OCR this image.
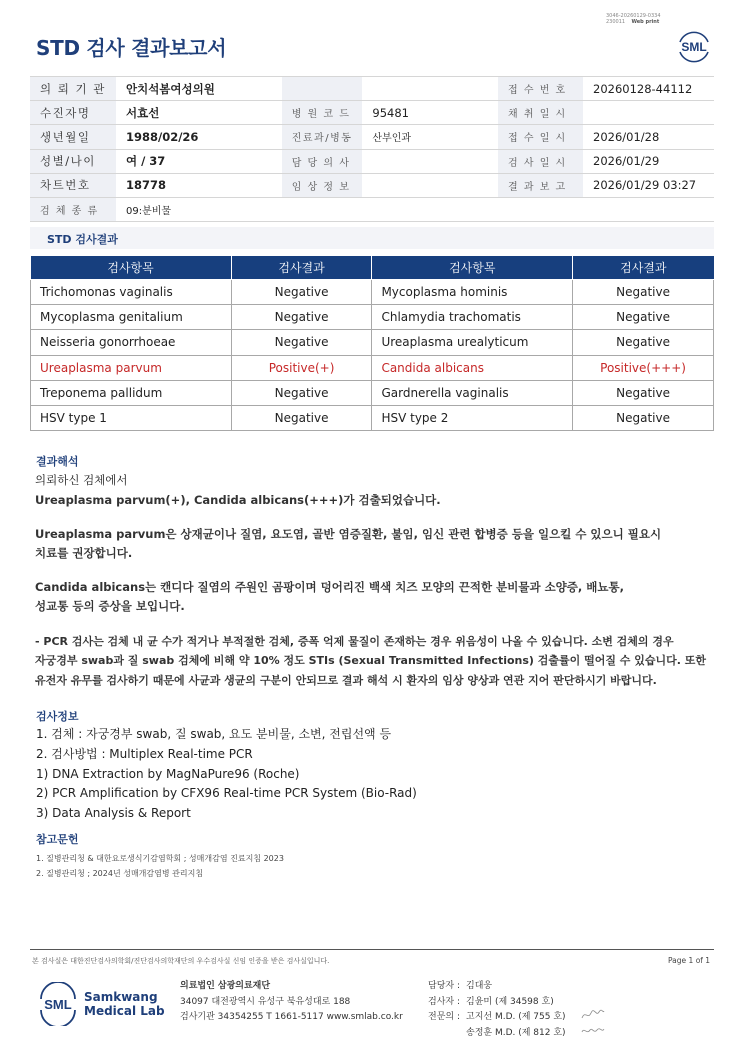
3046-20260129-0334
230011 Web print
STD 검사 결과보고서	SML
의 뢰 기 관	안치석봄여성의원			접 수 번 호	20260128-44112
수진자명	서효선	병 원 코 드	95481	채 취 일 시	
생년월일	1988/02/26	진료과/병동	산부인과	접 수 일 시	2026/01/28
성별/나이	여 / 37	담 당 의 사		검 사 일 시	2026/01/29
차트번호	18778	임 상 정 보		결 과 보 고	2026/01/29 03:27
검 체 종 류	09:분비물				
STD 검사결과
검사항목	검사결과	검사항목	검사결과
Trichomonas vaginalis	Negative	Mycoplasma hominis	Negative
Mycoplasma genitalium	Negative	Chlamydia trachomatis	Negative
Neisseria gonorrhoeae	Negative	Ureaplasma urealyticum	Negative
Ureaplasma parvum	Positive(+)	Candida albicans	Positive(+++)
Treponema pallidum	Negative	Gardnerella vaginalis	Negative
HSV type 1	Negative	HSV type 2	Negative
결과해석
의뢰하신 검체에서
Ureaplasma parvum(+), Candida albicans(+++)가 검출되었습니다.
Ureaplasma parvum은 상재균이나 질염, 요도염, 골반 염증질환, 불임, 임신 관련 합병증 등을 일으킬 수 있으니 필요시
치료를 권장합니다.
Candida albicans는 캔디다 질염의 주원인 곰팡이며 덩어리진 백색 치즈 모양의 끈적한 분비물과 소양증, 배뇨통,
성교통 등의 증상을 보입니다.
- PCR 검사는 검체 내 균 수가 적거나 부적절한 검체, 증폭 억제 물질이 존재하는 경우 위음성이 나올 수 있습니다. 소변 검체의 경우
자궁경부 swab과 질 swab 검체에 비해 약 10% 정도 STIs (Sexual Transmitted Infections) 검출률이 떨어질 수 있습니다. 또한
유전자 유무를 검사하기 때문에 사균과 생균의 구분이 안되므로 결과 해석 시 환자의 임상 양상과 연관 지어 판단하시기 바랍니다.
검사정보
1. 검체 : 자궁경부 swab, 질 swab, 요도 분비물, 소변, 전립선액 등
2. 검사방법 : Multiplex Real-time PCR
1) DNA Extraction by MagNaPure96 (Roche)
2) PCR Amplification by CFX96 Real-time PCR System (Bio-Rad)
3) Data Analysis & Report
참고문헌
1. 질병관리청 & 대한요로생식기감염학회 ; 성매개감염 진료지침 2023
2. 질병관리청 ; 2024년 성매개감염병 관리지침
본 검사실은 대한진단검사의학회/진단검사의학재단의 우수검사실 신임 인증을 받은 검사실입니다.	Page 1 of 1
SML Samkwang
Medical Lab
의료법인 삼광의료재단
34097 대전광역시 유성구 북유성대로 188
검사기관 34354255 T 1661-5117 www.smlab.co.kr
담당자 : 김대웅
검사자 : 김윤미 (제 34598 호)
전문의 : 고지선 M.D. (제 755 호)
송정훈 M.D. (제 812 호)
